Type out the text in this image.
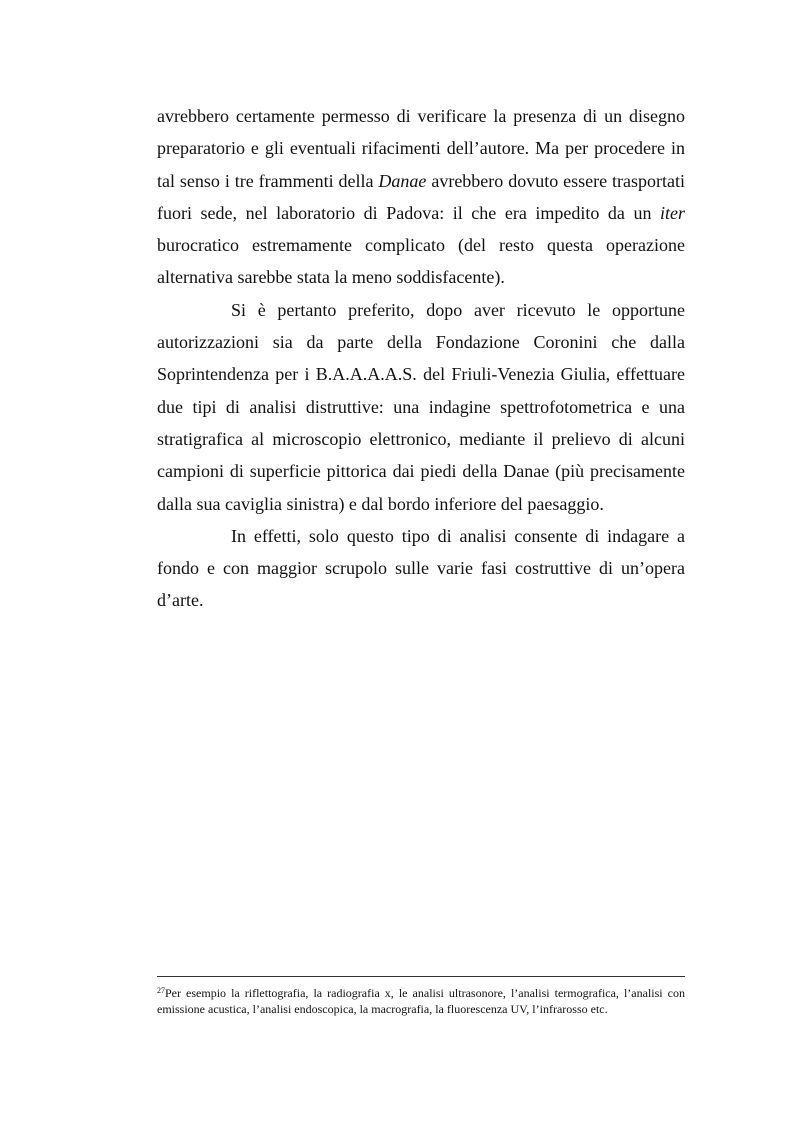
avrebbero certamente permesso di verificare la presenza di un disegno preparatorio e gli eventuali rifacimenti dell’autore. Ma per procedere in tal senso i tre frammenti della Danae avrebbero dovuto essere trasportati fuori sede, nel laboratorio di Padova: il che era impedito da un iter burocratico estremamente complicato (del resto questa operazione alternativa sarebbe stata la meno soddisfacente).

Si è pertanto preferito, dopo aver ricevuto le opportune autorizzazioni sia da parte della Fondazione Coronini che dalla Soprintendenza per i B.A.A.A.A.S. del Friuli-Venezia Giulia, effettuare due tipi di analisi distruttive: una indagine spettrofotometrica e una stratigrafica al microscopio elettronico, mediante il prelievo di alcuni campioni di superficie pittorica dai piedi della Danae (più precisamente dalla sua caviglia sinistra) e dal bordo inferiore del paesaggio.

In effetti, solo questo tipo di analisi consente di indagare a fondo e con maggior scrupolo sulle varie fasi costruttive di un’opera d’arte.

$^{27}$Per esempio la riflettografia, la radiografia x, le analisi ultrasonore, l’analisi termografica, l’analisi con emissione acustica, l’analisi endoscopica, la macrografia, la fluorescenza UV, l’infrarosso etc.
